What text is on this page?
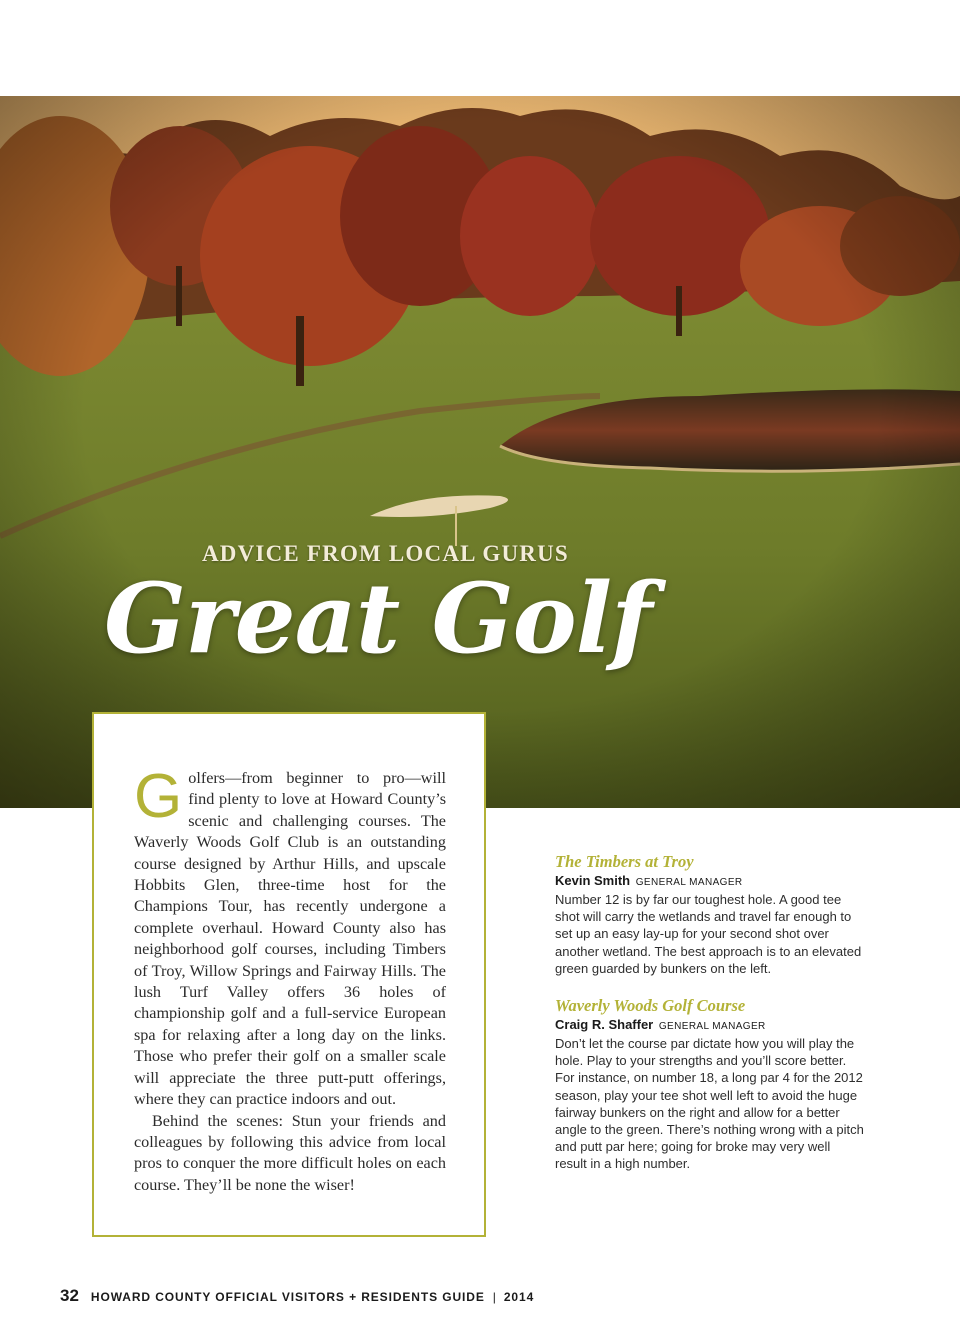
ADVICE FROM LOCAL GURUS
Great Golf

Golfers—from beginner to pro—will find plenty to love at Howard County’s scenic and challenging courses. The Waverly Woods Golf Club is an outstanding course designed by Arthur Hills, and upscale Hobbits Glen, three-time host for the Champions Tour, has recently undergone a complete overhaul. Howard County also has neighborhood golf courses, including Timbers of Troy, Willow Springs and Fairway Hills. The lush Turf Valley offers 36 holes of championship golf and a full-service European spa for relaxing after a long day on the links. Those who prefer their golf on a smaller scale will appreciate the three putt-putt offerings, where they can practice indoors and out.

Behind the scenes: Stun your friends and colleagues by following this advice from local pros to conquer the more difficult holes on each course. They’ll be none the wiser!

The Timbers at Troy
Kevin Smith GENERAL MANAGER
Number 12 is by far our toughest hole. A good tee shot will carry the wetlands and travel far enough to set up an easy lay-up for your second shot over another wetland. The best approach is to an elevated green guarded by bunkers on the left.
Waverly Woods Golf Course
Craig R. Shaffer GENERAL MANAGER
Don’t let the course par dictate how you will play the hole. Play to your strengths and you’ll score better. For instance, on number 18, a long par 4 for the 2012 season, play your tee shot well left to avoid the huge fairway bunkers on the right and allow for a better angle to the green. There’s nothing wrong with a pitch and putt par here; going for broke may very well result in a high number.
32 HOWARD COUNTY OFFICIAL VISITORS + RESIDENTS GUIDE | 2014
